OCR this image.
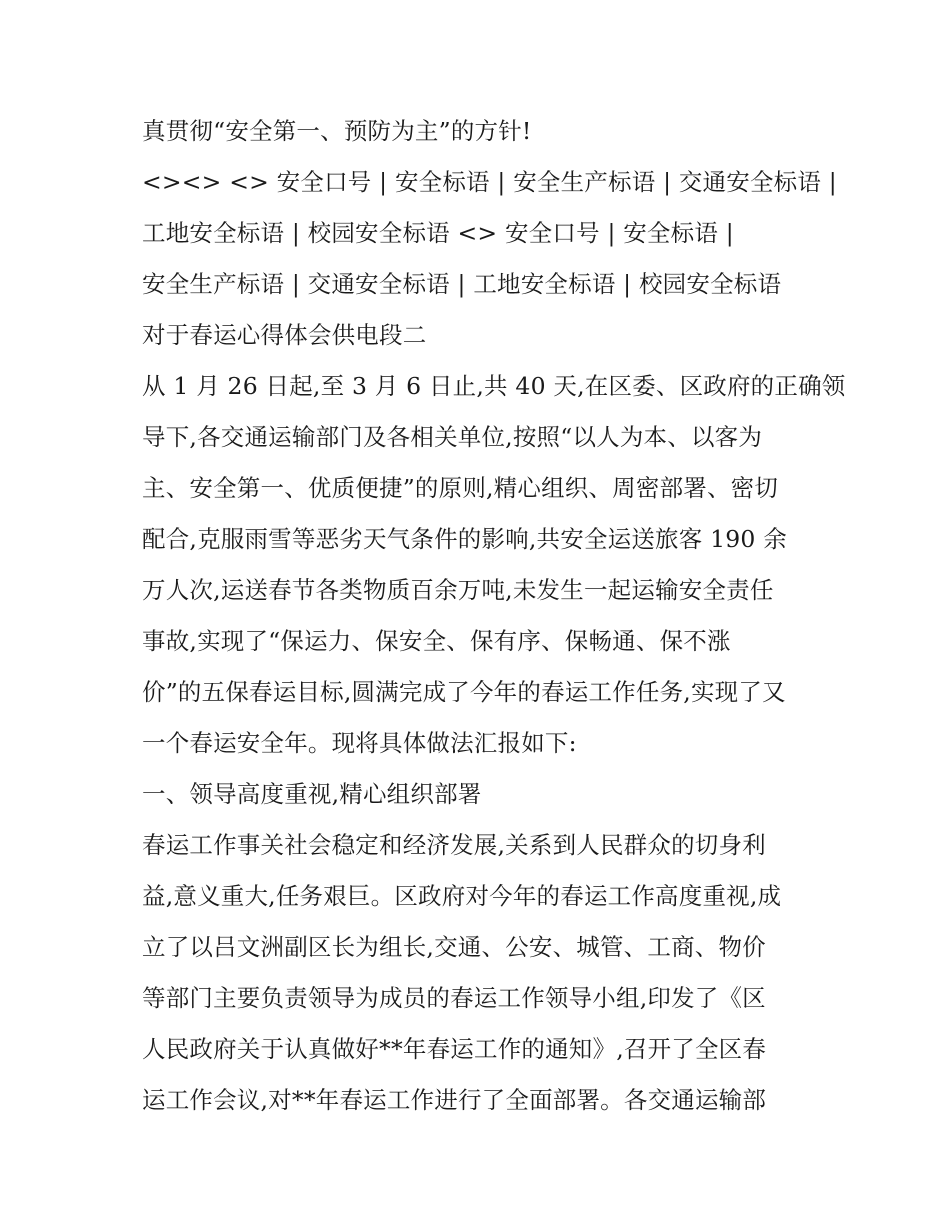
真贯彻“安全第一、预防为主”的方针!
<><> <> 安全口号 | 安全标语 | 安全生产标语 | 交通安全标语 |
工地安全标语 | 校园安全标语 <> 安全口号 | 安全标语 |
安全生产标语 | 交通安全标语 | 工地安全标语 | 校园安全标语
对于春运心得体会供电段二
从 1 月 26 日起,至 3 月 6 日止,共 40 天,在区委、区政府的正确领
导下,各交通运输部门及各相关单位,按照“以人为本、以客为
主、安全第一、优质便捷”的原则,精心组织、周密部署、密切
配合,克服雨雪等恶劣天气条件的影响,共安全运送旅客 190 余
万人次,运送春节各类物质百余万吨,未发生一起运输安全责任
事故,实现了“保运力、保安全、保有序、保畅通、保不涨
价”的五保春运目标,圆满完成了今年的春运工作任务,实现了又
一个春运安全年。现将具体做法汇报如下:
一、领导高度重视,精心组织部署
春运工作事关社会稳定和经济发展,关系到人民群众的切身利
益,意义重大,任务艰巨。区政府对今年的春运工作高度重视,成
立了以吕文洲副区长为组长,交通、公安、城管、工商、物价
等部门主要负责领导为成员的春运工作领导小组,印发了《区
人民政府关于认真做好**年春运工作的通知》,召开了全区春
运工作会议,对**年春运工作进行了全面部署。各交通运输部
